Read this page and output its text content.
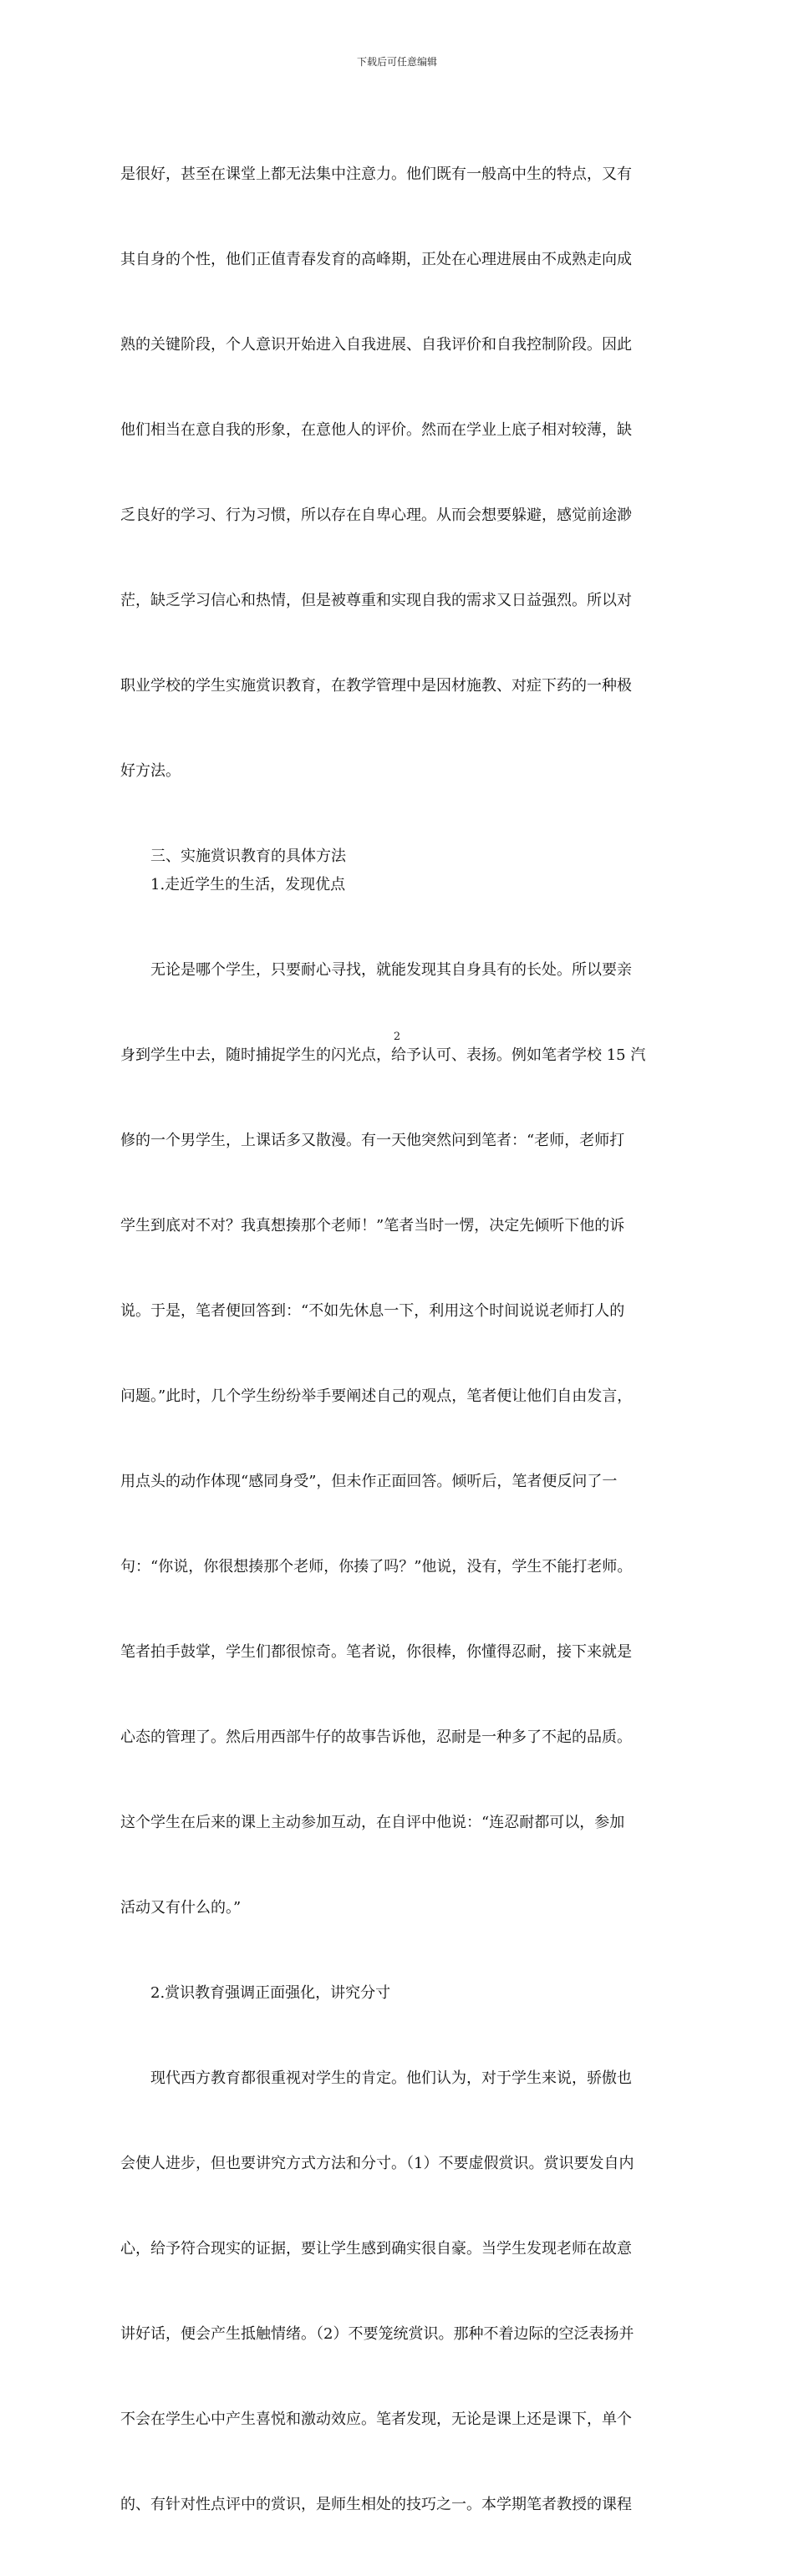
下载后可任意编辑

是很好，甚至在课堂上都无法集中注意力。他们既有一般高中生的特点，又有

其自身的个性，他们正值青春发育的高峰期，正处在心理进展由不成熟走向成

熟的关键阶段，个人意识开始进入自我进展、自我评价和自我控制阶段。因此

他们相当在意自我的形象，在意他人的评价。然而在学业上底子相对较薄，缺

乏良好的学习、行为习惯，所以存在自卑心理。从而会想要躲避，感觉前途渺

茫，缺乏学习信心和热情，但是被尊重和实现自我的需求又日益强烈。所以对

职业学校的学生实施赏识教育，在教学管理中是因材施教、对症下药的一种极

好方法。

三、实施赏识教育的具体方法
1.走近学生的生活，发现优点

无论是哪个学生，只要耐心寻找，就能发现其自身具有的长处。所以要亲

身到学生中去，随时捕捉学生的闪光点，给予认可、表扬。例如笔者学校 15 汽

修的一个男学生，上课话多又散漫。有一天他突然问到笔者：“老师，老师打

学生到底对不对？我真想揍那个老师！”笔者当时一愣，决定先倾听下他的诉

说。于是，笔者便回答到：“不如先休息一下，利用这个时间说说老师打人的

问题。”此时，几个学生纷纷举手要阐述自己的观点，笔者便让他们自由发言，

用点头的动作体现“感同身受”，但未作正面回答。倾听后，笔者便反问了一

句：“你说，你很想揍那个老师，你揍了吗？”他说，没有，学生不能打老师。

笔者拍手鼓掌，学生们都很惊奇。笔者说，你很棒，你懂得忍耐，接下来就是

心态的管理了。然后用西部牛仔的故事告诉他，忍耐是一种多了不起的品质。

这个学生在后来的课上主动参加互动，在自评中他说：“连忍耐都可以，参加

活动又有什么的。”

2.赏识教育强调正面强化，讲究分寸

现代西方教育都很重视对学生的肯定。他们认为，对于学生来说，骄傲也

会使人进步，但也要讲究方式方法和分寸。（1）不要虚假赏识。赏识要发自内

心，给予符合现实的证据，要让学生感到确实很自豪。当学生发现老师在故意

讲好话，便会产生抵触情绪。（2）不要笼统赏识。那种不着边际的空泛表扬并

不会在学生心中产生喜悦和激动效应。笔者发现，无论是课上还是课下，单个

的、有针对性点评中的赏识，是师生相处的技巧之一。本学期笔者教授的课程

2
